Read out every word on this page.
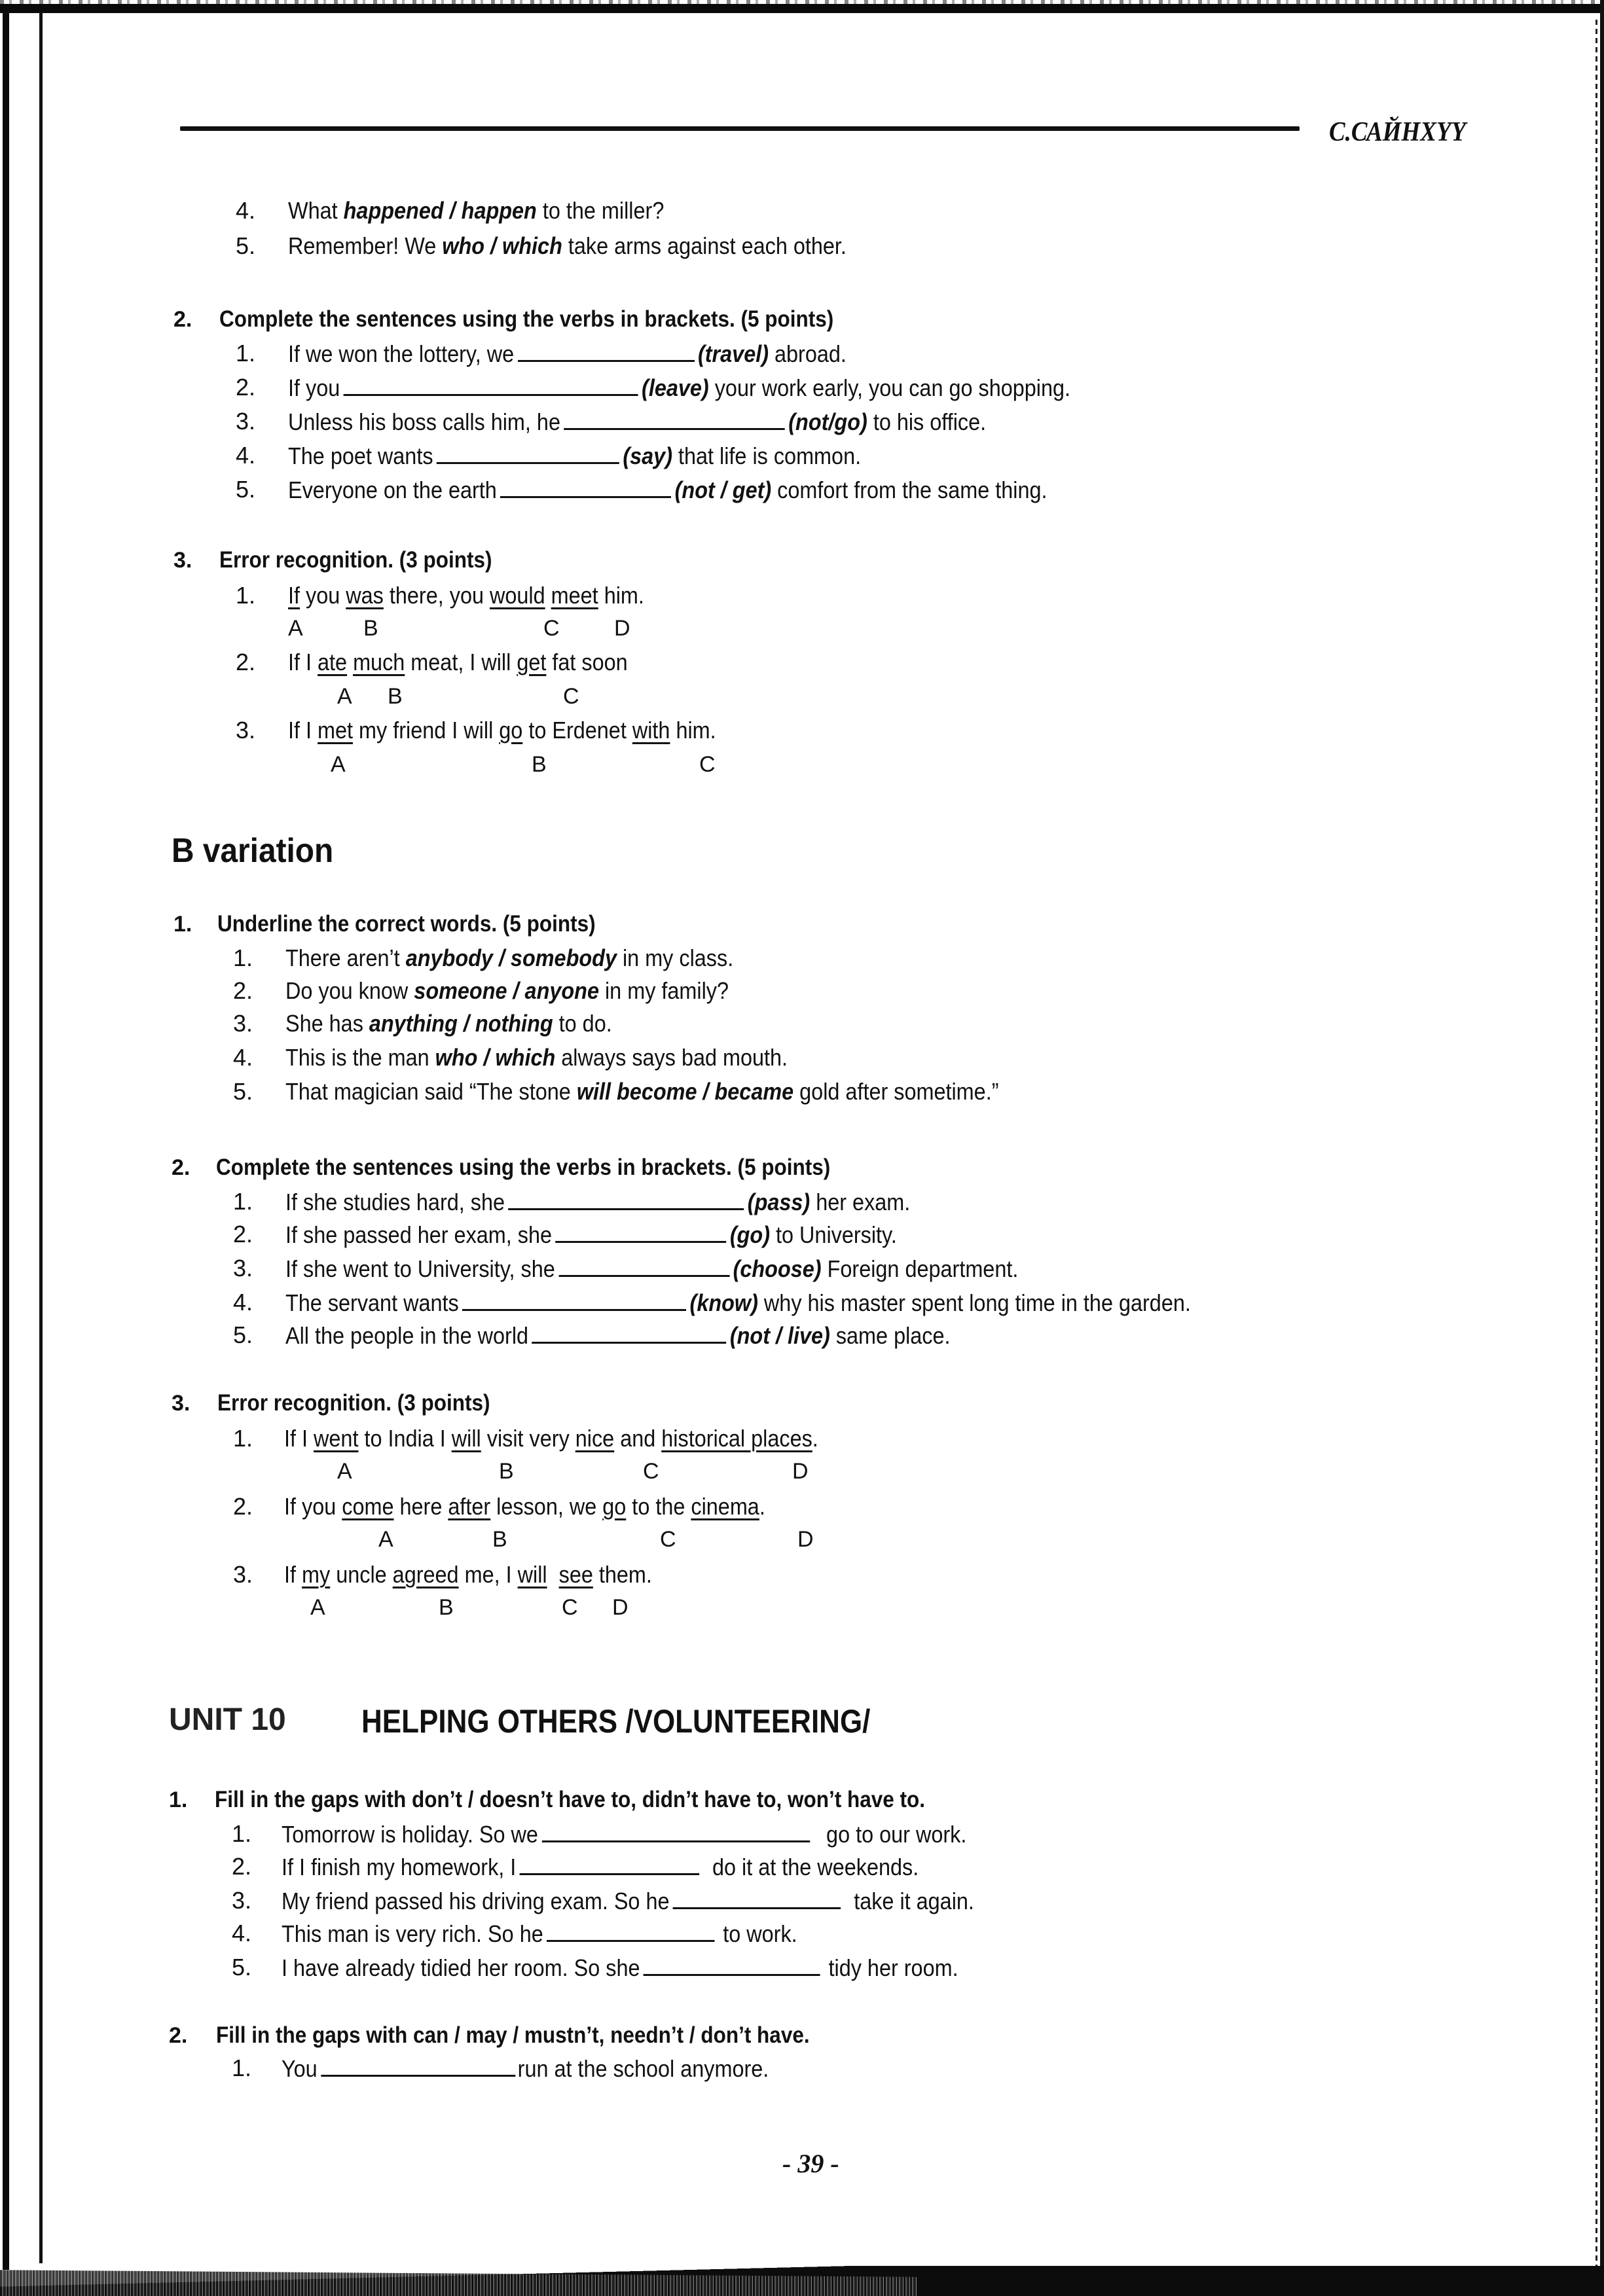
С.САЙНХҮҮ
4. What happened / happen to the miller?
5. Remember! We who / which take arms against each other.
2. Complete the sentences using the verbs in brackets. (5 points)
1. If we won the lottery, we	(travel) abroad.
2. If you	(leave) your work early, you can go shopping.
3. Unless his boss calls him, he	(not/go) to his office.
4. The poet wants	(say) that life is common.
5. Everyone on the earth	(not / get) comfort from the same thing.
3. Error recognition. (3 points)
1. If you was there, you would meet him.
A	B	C D
2. If I ate much meat, I will get fat soon
A B	C
3. If I met my friend I will go to Erdenet with him.
A	B	C
B variation
1. Underline the correct words. (5 points)
1. There aren’t anybody / somebody in my class.
2. Do you know someone / anyone in my family?
3. She has anything / nothing to do.
4. This is the man who / which always says bad mouth.
5. That magician said “The stone will become / became gold after sometime.”
2. Complete the sentences using the verbs in brackets. (5 points)
1. If she studies hard, she	(pass) her exam.
2. If she passed her exam, she	(go) to University.
3. If she went to University, she	(choose) Foreign department.
4. The servant wants	(know) why his master spent long time in the garden.
5. All the people in the world	(not / live) same place.
3. Error recognition. (3 points)
1. If I went to India I will visit very nice and historical places.
A	B	C	D
2. If you come here after lesson, we go to the cinema.
A	B	C	D
3. If my uncle agreed me, I will see them.
A	B	C D
UNIT 10 HELPING OTHERS /VOLUNTEERING/
1. Fill in the gaps with don’t / doesn’t have to, didn’t have to, won’t have to.
1. Tomorrow is holiday. So we	go to our work.
2. If I finish my homework, I	do it at the weekends.
3. My friend passed his driving exam. So he	take it again.
4. This man is very rich. So he	to work.
5. I have already tidied her room. So she	tidy her room.
2. Fill in the gaps with can / may / mustn’t, needn’t / don’t have.
1. You	run at the school anymore.
- 39 -
